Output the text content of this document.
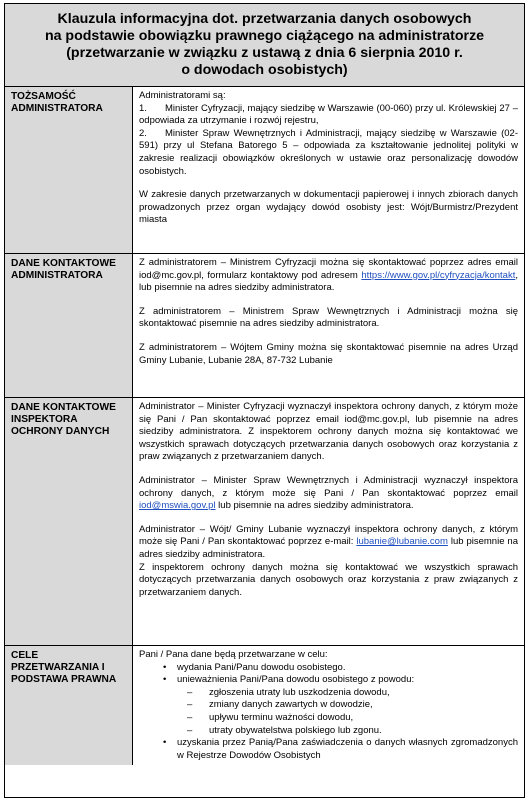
Klauzula informacyjna dot. przetwarzania danych osobowych
na podstawie obowiązku prawnego ciążącego na administratorze
(przetwarzanie w związku z ustawą z dnia 6 sierpnia 2010 r.
o dowodach osobistych)
TOŻSAMOŚĆ
ADMINISTRATORA

Administratorami są:

1. Minister Cyfryzacji, mający siedzibę w Warszawie (00-060) przy ul. Królewskiej 27 – odpowiada za utrzymanie i rozwój rejestru,

2. Minister Spraw Wewnętrznych i Administracji, mający siedzibę w Warszawie (02-591) przy ul Stefana Batorego 5 – odpowiada za kształtowanie jednolitej polityki w zakresie realizacji obowiązków określonych w ustawie oraz personalizację dowodów osobistych.

W zakresie danych przetwarzanych w dokumentacji papierowej i innych zbiorach danych prowadzonych przez organ wydający dowód osobisty jest: Wójt/Burmistrz/Prezydent miasta

DANE KONTAKTOWE
ADMINISTRATORA

Z administratorem – Ministrem Cyfryzacji można się skontaktować poprzez adres email iod@mc.gov.pl, formularz kontaktowy pod adresem https://www.gov.pl/cyfryzacja/kontakt, lub pisemnie na adres siedziby administratora.

Z administratorem – Ministrem Spraw Wewnętrznych i Administracji można się skontaktować pisemnie na adres siedziby administratora.

Z administratorem – Wójtem Gminy można się skontaktować pisemnie na adres Urząd Gminy Lubanie, Lubanie 28A, 87-732 Lubanie

DANE KONTAKTOWE
INSPEKTORA
OCHRONY DANYCH

Administrator – Minister Cyfryzacji wyznaczył inspektora ochrony danych, z którym może się Pani / Pan skontaktować poprzez email iod@mc.gov.pl, lub pisemnie na adres siedziby administratora. Z inspektorem ochrony danych można się kontaktować we wszystkich sprawach dotyczących przetwarzania danych osobowych oraz korzystania z praw związanych z przetwarzaniem danych.

Administrator – Minister Spraw Wewnętrznych i Administracji wyznaczył inspektora ochrony danych, z którym może się Pani / Pan skontaktować poprzez email iod@mswia.gov.pl lub pisemnie na adres siedziby administratora.

Administrator – Wójt/ Gminy Lubanie wyznaczył inspektora ochrony danych, z którym może się Pani / Pan skontaktować poprzez e-mail: lubanie@lubanie.com lub pisemnie na adres siedziby administratora.

Z inspektorem ochrony danych można się kontaktować we wszystkich sprawach dotyczących przetwarzania danych osobowych oraz korzystania z praw związanych z przetwarzaniem danych.

CELE
PRZETWARZANIA I
PODSTAWA PRAWNA

Pani / Pana dane będą przetwarzane w celu:

• wydania Pani/Panu dowodu osobistego.
• unieważnienia Pani/Pana dowodu osobistego z powodu:
– zgłoszenia utraty lub uszkodzenia dowodu,
– zmiany danych zawartych w dowodzie,
– upływu terminu ważności dowodu,
– utraty obywatelstwa polskiego lub zgonu.
• uzyskania przez Panią/Pana zaświadczenia o danych własnych zgromadzonych w Rejestrze Dowodów Osobistych
